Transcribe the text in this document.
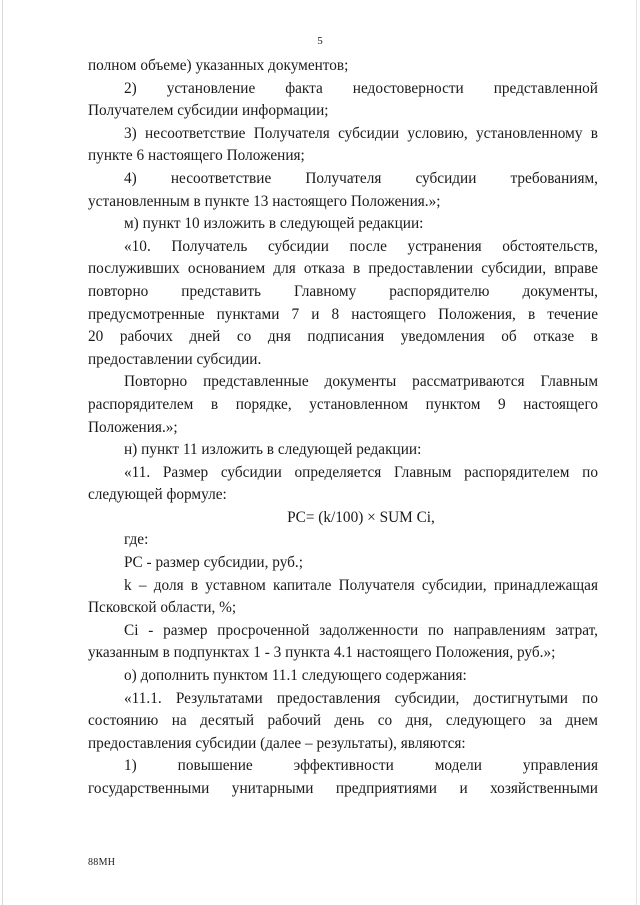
5

полном объеме) указанных документов;

2) установление факта недостоверности представленной

Получателем субсидии информации;

3) несоответствие Получателя субсидии условию, установленному в

пункте 6 настоящего Положения;

4) несоответствие Получателя субсидии требованиям,

установленным в пункте 13 настоящего Положения.»;

м) пункт 10 изложить в следующей редакции:

«10. Получатель субсидии после устранения обстоятельств,

послуживших основанием для отказа в предоставлении субсидии, вправе

повторно представить Главному распорядителю документы,

предусмотренные пунктами 7 и 8 настоящего Положения, в течение

20 рабочих дней со дня подписания уведомления об отказе в

предоставлении субсидии.

Повторно представленные документы рассматриваются Главным

распорядителем в порядке, установленном пунктом 9 настоящего

Положения.»;

н) пункт 11 изложить в следующей редакции:

«11. Размер субсидии определяется Главным распорядителем по

следующей формуле:

PC= (k/100) × SUM Ci,

где:

PC - размер субсидии, руб.;

k – доля в уставном капитале Получателя субсидии, принадлежащая

Псковской области, %;

Ci - размер просроченной задолженности по направлениям затрат,

указанным в подпунктах 1 - 3 пункта 4.1 настоящего Положения, руб.»;

о) дополнить пунктом 11.1 следующего содержания:

«11.1. Результатами предоставления субсидии, достигнутыми по

состоянию на десятый рабочий день со дня, следующего за днем

предоставления субсидии (далее – результаты), являются:

1) повышение эффективности модели управления

государственными унитарными предприятиями и хозяйственными

88МН
